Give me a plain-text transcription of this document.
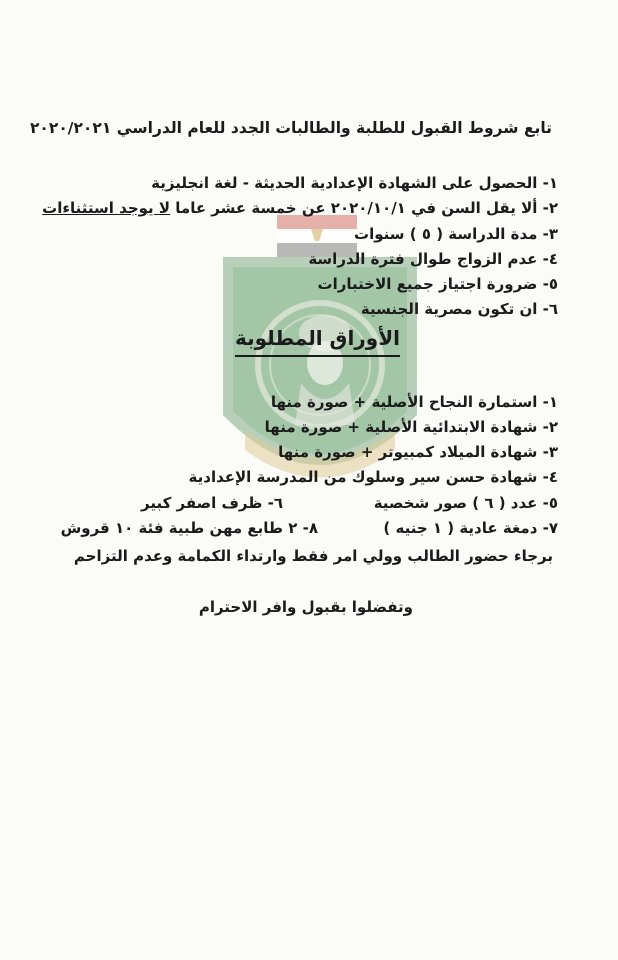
تابع شروط القبول للطلبة والطالبات الجدد للعام الدراسي ٢٠٢٠/٢٠٢١
١- الحصول على الشهادة الإعدادية الحديثة - لغة انجليزية
٢- ألا يقل السن في ٢٠٢٠/١٠/١ عن خمسة عشر عاما لا يوجد استثناءات
٣- مدة الدراسة ( ٥ ) سنوات
٤- عدم الزواج طوال فترة الدراسة
٥- ضرورة اجتياز جميع الاختبارات
٦- ان تكون مصرية الجنسية
الأوراق المطلوبة
١- استمارة النجاح الأصلية + صورة منها
٢- شهادة الابتدائية الأصلية + صورة منها
٣- شهادة الميلاد كمبيوتر + صورة منها
٤- شهادة حسن سير وسلوك من المدرسة الإعدادية
٥- عدد ( ٦ ) صور شخصية
٦- ظرف اصفر كبير
٧- دمغة عادية ( ١ جنيه )
٨- ٢ طابع مهن طبية فئة ١٠ قروش
برجاء حضور الطالب وولي امر فقط وارتداء الكمامة وعدم التزاحم
وتفضلوا بقبول وافر الاحترام
